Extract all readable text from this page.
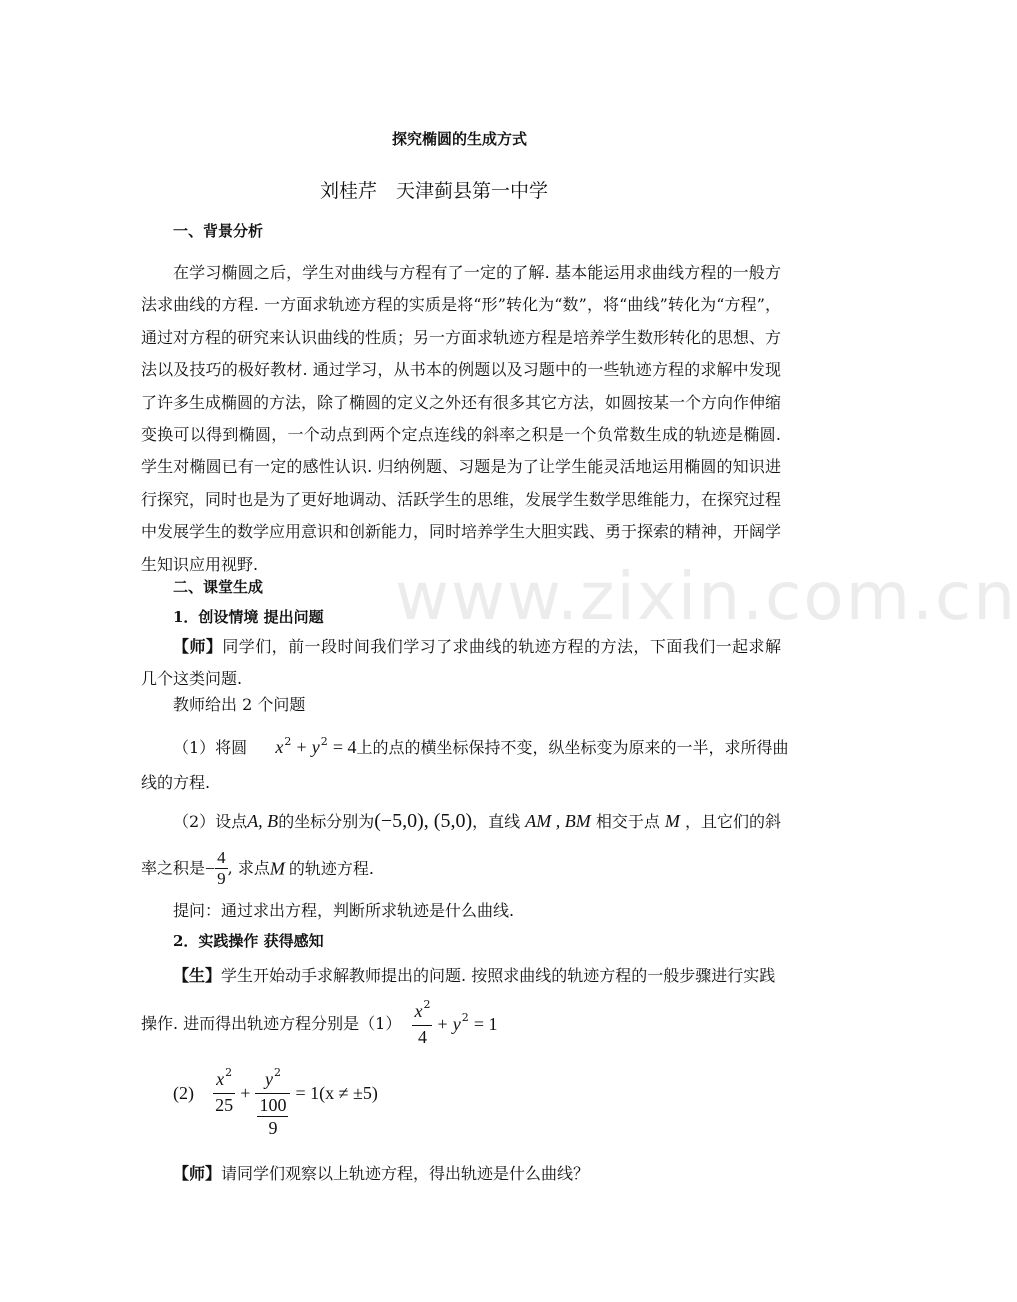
探究椭圆的生成方式
刘桂芹　天津蓟县第一中学
一、背景分析
在学习椭圆之后，学生对曲线与方程有了一定的了解. 基本能运用求曲线方程的一般方法求曲线的方程. 一方面求轨迹方程的实质是将“形”转化为“数”，将“曲线”转化为“方程”，通过对方程的研究来认识曲线的性质；另一方面求轨迹方程是培养学生数形转化的思想、方法以及技巧的极好教材. 通过学习，从书本的例题以及习题中的一些轨迹方程的求解中发现了许多生成椭圆的方法，除了椭圆的定义之外还有很多其它方法，如圆按某一个方向作伸缩变换可以得到椭圆，一个动点到两个定点连线的斜率之积是一个负常数生成的轨迹是椭圆. 学生对椭圆已有一定的感性认识. 归纳例题、习题是为了让学生能灵活地运用椭圆的知识进行探究，同时也是为了更好地调动、活跃学生的思维，发展学生数学思维能力，在探究过程中发展学生的数学应用意识和创新能力，同时培养学生大胆实践、勇于探索的精神，开阔学生知识应用视野.	www.zixin.com.cn
二、课堂生成
1．创设情境 提出问题
【师】同学们，前一段时间我们学习了求曲线的轨迹方程的方法，下面我们一起求解几个这类问题.
教师给出 2 个问题
（1）将圆 $x^2 + y^2 = 4$上的点的横坐标保持不变，纵坐标变为原来的一半，求所得曲
线的方程.
（2）设点A, B的坐标分别为(−5,0), (5,0)，直线 AM , BM 相交于点 M ，且它们的斜
率之积是− $\frac{4}{9}$ , 求点M 的轨迹方程.
提问：通过求出方程，判断所求轨迹是什么曲线.
2．实践操作 获得感知
【生】学生开始动手求解教师提出的问题. 按照求曲线的轨迹方程的一般步骤进行实践
操作. 进而得出轨迹方程分别是$(1) \frac{x^2}{4} + y^2 = 1$
$(2) \frac{x^2}{25} + \frac{y^2}{\frac{100}{9}} = 1(x \ne \pm 5)$
【师】请同学们观察以上轨迹方程，得出轨迹是什么曲线？
